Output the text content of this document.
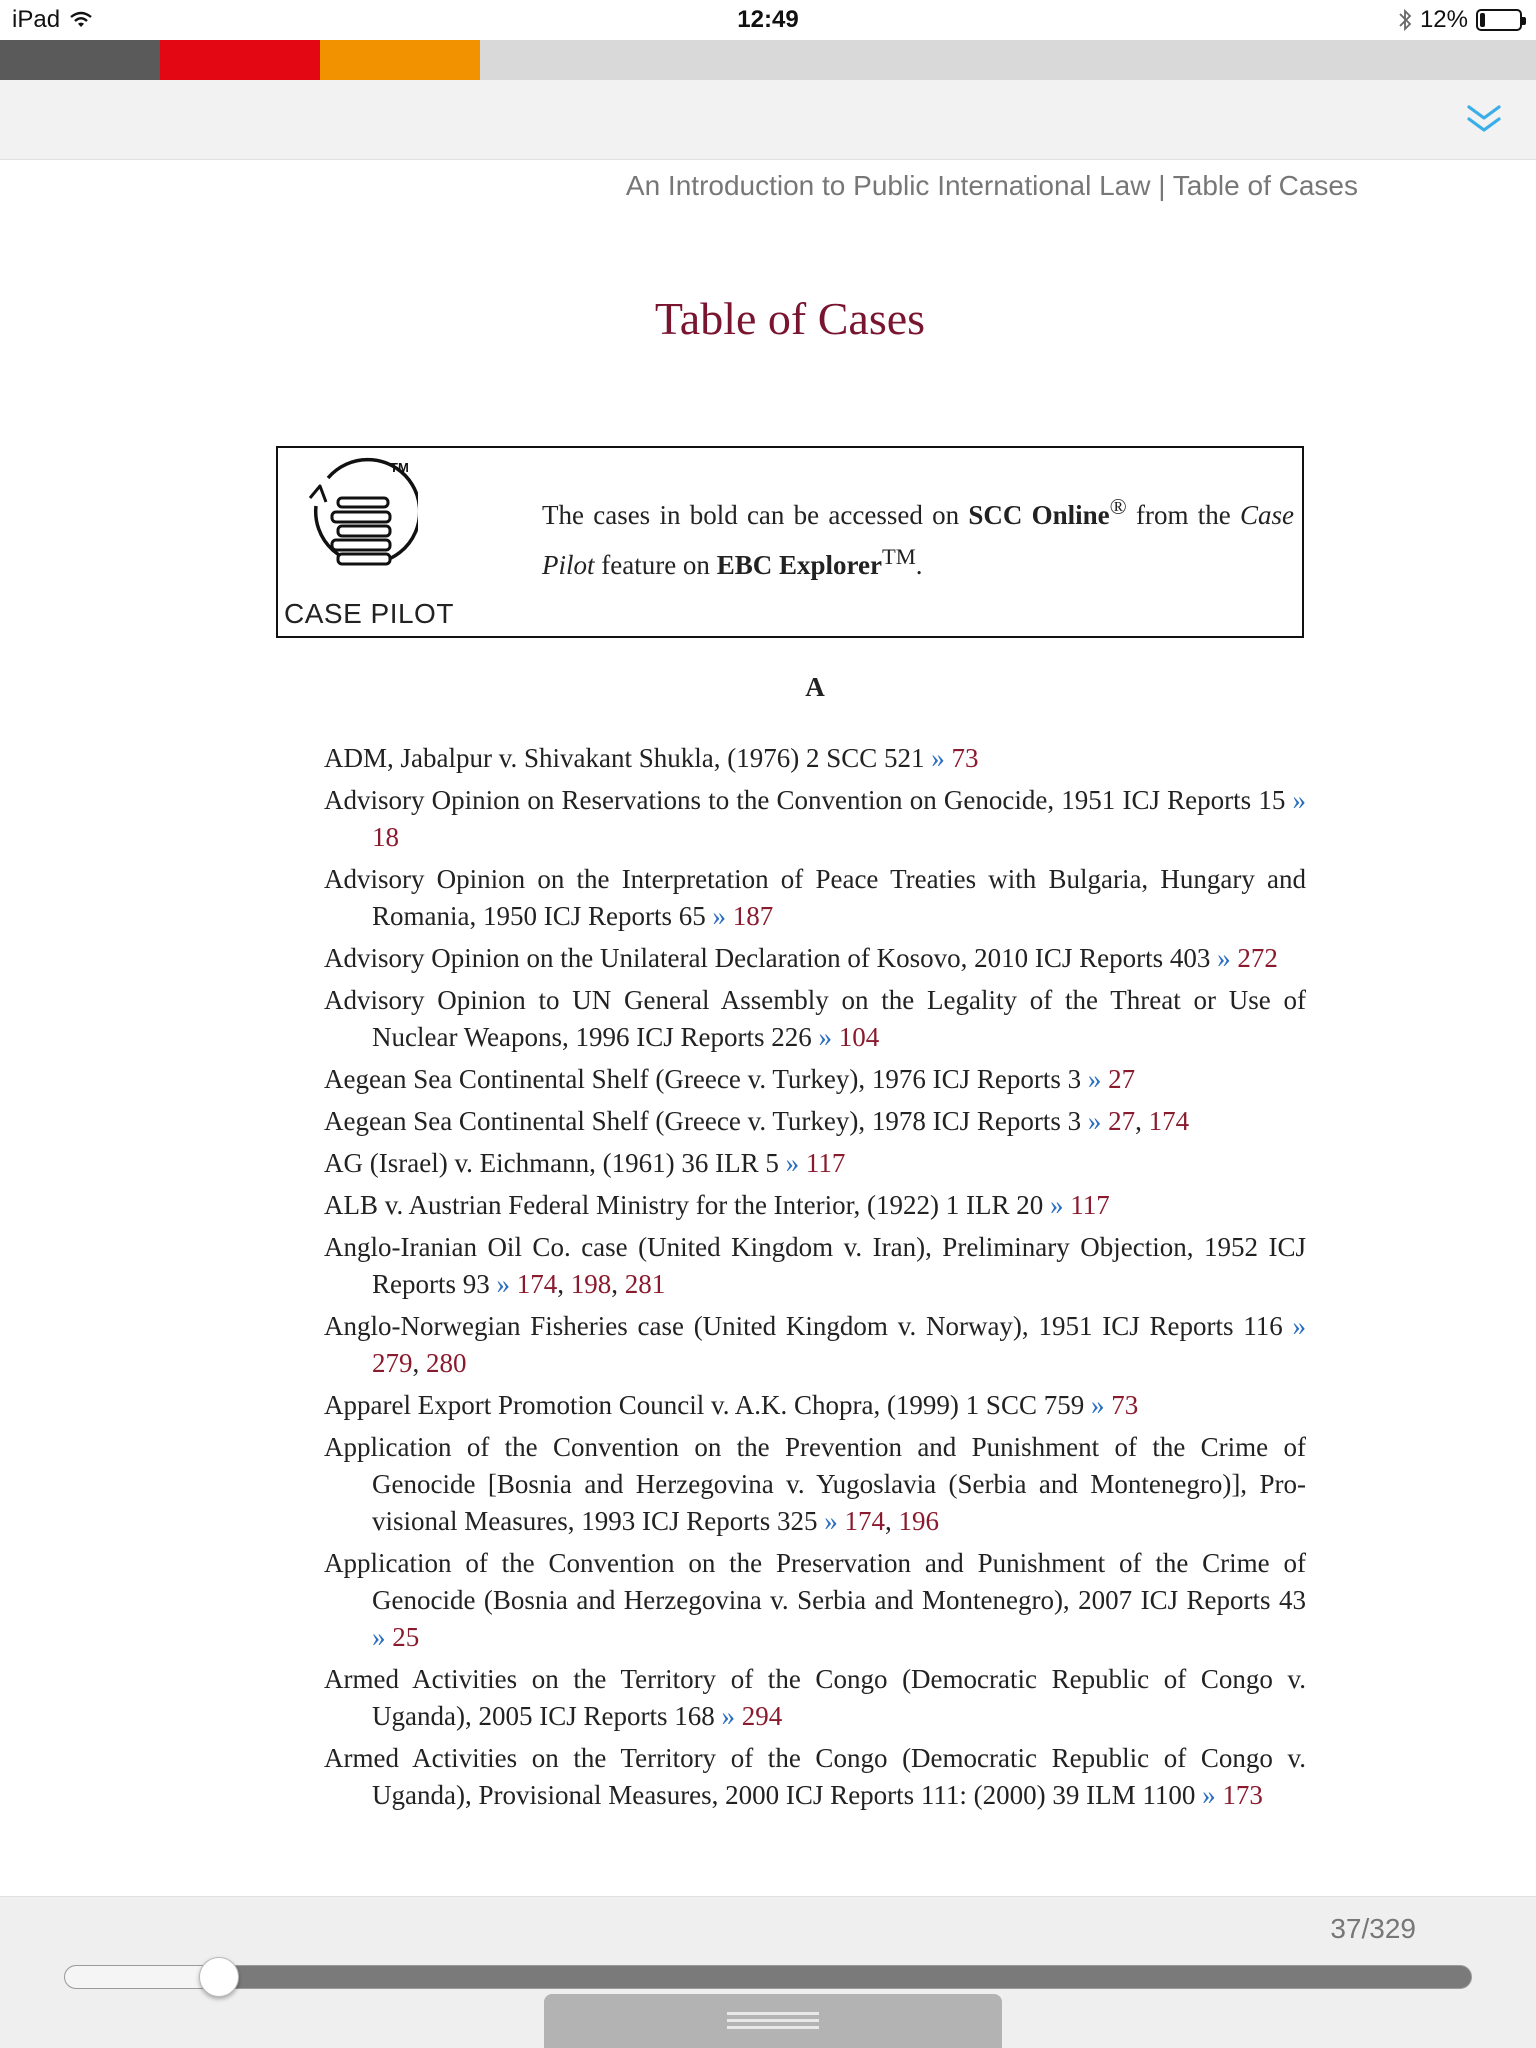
iPad	12:49	12%
An Introduction to Public International Law | Table of Cases
Table of Cases
TM
CASE PILOT
The cases in bold can be accessed on SCC Online® from the Case Pilot feature on EBC Explorer™.
A
ADM, Jabalpur v. Shivakant Shukla, (1976) 2 SCC 521 » 73
Advisory Opinion on Reservations to the Convention on Genocide, 1951 ICJ Reports 15 » 18
Advisory Opinion on the Interpretation of Peace Treaties with Bulgaria, Hungary and Romania, 1950 ICJ Reports 65 » 187
Advisory Opinion on the Unilateral Declaration of Kosovo, 2010 ICJ Reports 403 » 272
Advisory Opinion to UN General Assembly on the Legality of the Threat or Use of Nuclear Weapons, 1996 ICJ Reports 226 » 104
Aegean Sea Continental Shelf (Greece v. Turkey), 1976 ICJ Reports 3 » 27
Aegean Sea Continental Shelf (Greece v. Turkey), 1978 ICJ Reports 3 » 27, 174
AG (Israel) v. Eichmann, (1961) 36 ILR 5 » 117
ALB v. Austrian Federal Ministry for the Interior, (1922) 1 ILR 20 » 117
Anglo-Iranian Oil Co. case (United Kingdom v. Iran), Preliminary Objection, 1952 ICJ Reports 93 » 174, 198, 281
Anglo-Norwegian Fisheries case (United Kingdom v. Norway), 1951 ICJ Reports 116 » 279, 280
Apparel Export Promotion Council v. A.K. Chopra, (1999) 1 SCC 759 » 73
Application of the Convention on the Prevention and Punishment of the Crime of Genocide [Bosnia and Herzegovina v. Yugoslavia (Serbia and Montenegro)], Pro-visional Measures, 1993 ICJ Reports 325 » 174, 196
Application of the Convention on the Preservation and Punishment of the Crime of Genocide (Bosnia and Herzegovina v. Serbia and Montenegro), 2007 ICJ Reports 43 » 25
Armed Activities on the Territory of the Congo (Democratic Republic of Congo v. Uganda), 2005 ICJ Reports 168 » 294
Armed Activities on the Territory of the Congo (Democratic Republic of Congo v. Uganda), Provisional Measures, 2000 ICJ Reports 111: (2000) 39 ILM 1100 » 173
37/329
